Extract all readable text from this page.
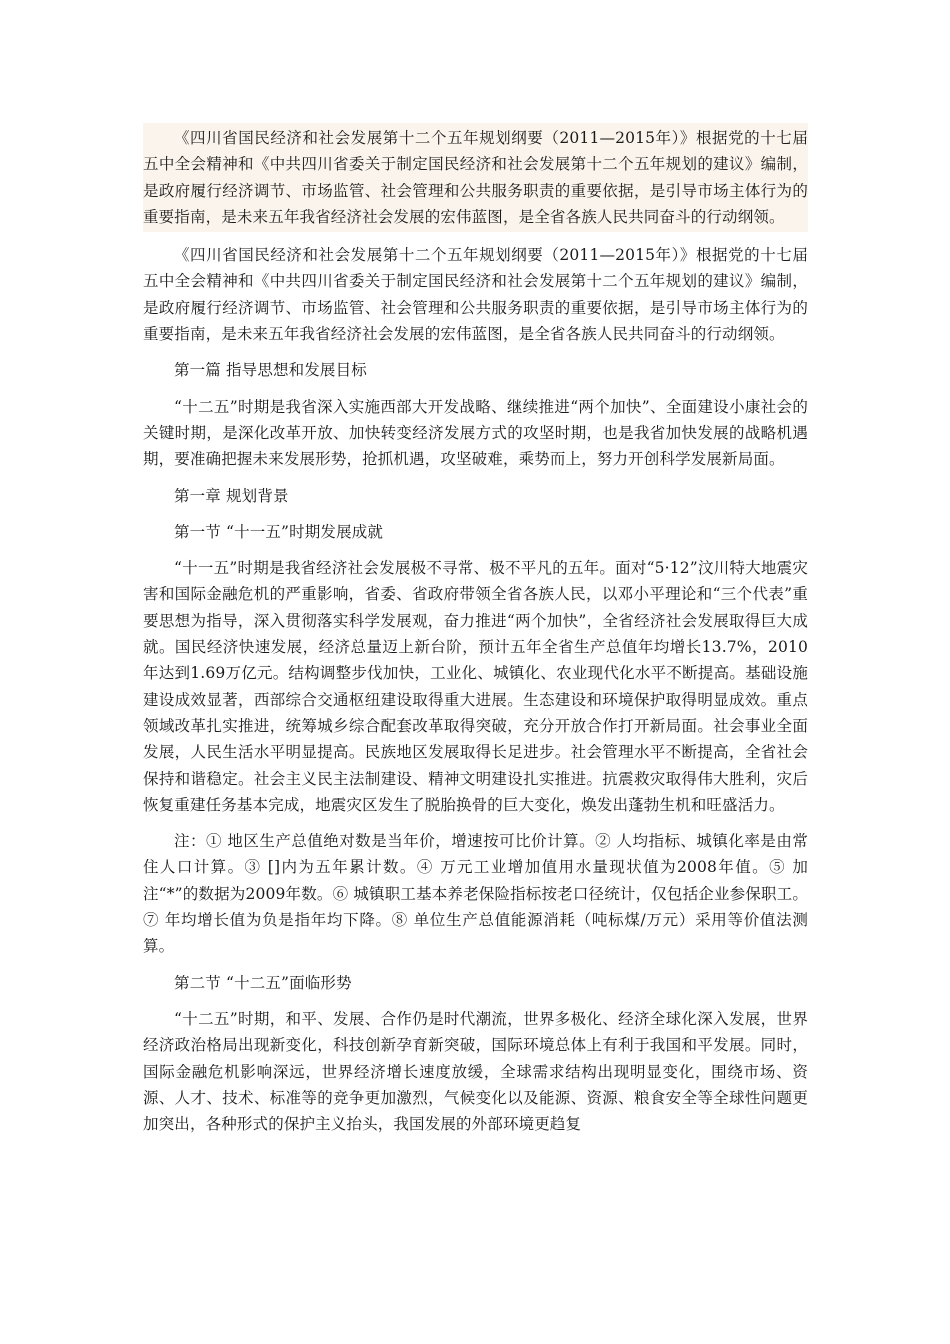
《四川省国民经济和社会发展第十二个五年规划纲要（2011—2015年）》根据党的十七届五中全会精神和《中共四川省委关于制定国民经济和社会发展第十二个五年规划的建议》编制，是政府履行经济调节、市场监管、社会管理和公共服务职责的重要依据，是引导市场主体行为的重要指南，是未来五年我省经济社会发展的宏伟蓝图，是全省各族人民共同奋斗的行动纲领。

《四川省国民经济和社会发展第十二个五年规划纲要（2011—2015年）》根据党的十七届五中全会精神和《中共四川省委关于制定国民经济和社会发展第十二个五年规划的建议》编制，是政府履行经济调节、市场监管、社会管理和公共服务职责的重要依据，是引导市场主体行为的重要指南，是未来五年我省经济社会发展的宏伟蓝图，是全省各族人民共同奋斗的行动纲领。

第一篇 指导思想和发展目标

“十二五”时期是我省深入实施西部大开发战略、继续推进“两个加快”、全面建设小康社会的关键时期，是深化改革开放、加快转变经济发展方式的攻坚时期，也是我省加快发展的战略机遇期，要准确把握未来发展形势，抢抓机遇，攻坚破难，乘势而上，努力开创科学发展新局面。

第一章 规划背景

第一节 “十一五”时期发展成就

“十一五”时期是我省经济社会发展极不寻常、极不平凡的五年。面对“5·12”汶川特大地震灾害和国际金融危机的严重影响，省委、省政府带领全省各族人民，以邓小平理论和“三个代表”重要思想为指导，深入贯彻落实科学发展观，奋力推进“两个加快”，全省经济社会发展取得巨大成就。国民经济快速发展，经济总量迈上新台阶，预计五年全省生产总值年均增长13.7%，2010年达到1.69万亿元。结构调整步伐加快，工业化、城镇化、农业现代化水平不断提高。基础设施建设成效显著，西部综合交通枢纽建设取得重大进展。生态建设和环境保护取得明显成效。重点领域改革扎实推进，统筹城乡综合配套改革取得突破，充分开放合作打开新局面。社会事业全面发展，人民生活水平明显提高。民族地区发展取得长足进步。社会管理水平不断提高，全省社会保持和谐稳定。社会主义民主法制建设、精神文明建设扎实推进。抗震救灾取得伟大胜利，灾后恢复重建任务基本完成，地震灾区发生了脱胎换骨的巨大变化，焕发出蓬勃生机和旺盛活力。

注：① 地区生产总值绝对数是当年价，增速按可比价计算。② 人均指标、城镇化率是由常住人口计算。③ []内为五年累计数。④ 万元工业增加值用水量现状值为2008年值。⑤ 加注“*”的数据为2009年数。⑥ 城镇职工基本养老保险指标按老口径统计，仅包括企业参保职工。⑦ 年均增长值为负是指年均下降。⑧ 单位生产总值能源消耗（吨标煤/万元）采用等价值法测算。

第二节 “十二五”面临形势

“十二五”时期，和平、发展、合作仍是时代潮流，世界多极化、经济全球化深入发展，世界经济政治格局出现新变化，科技创新孕育新突破，国际环境总体上有利于我国和平发展。同时，国际金融危机影响深远，世界经济增长速度放缓，全球需求结构出现明显变化，围绕市场、资源、人才、技术、标准等的竞争更加激烈，气候变化以及能源、资源、粮食安全等全球性问题更加突出，各种形式的保护主义抬头，我国发展的外部环境更趋复
